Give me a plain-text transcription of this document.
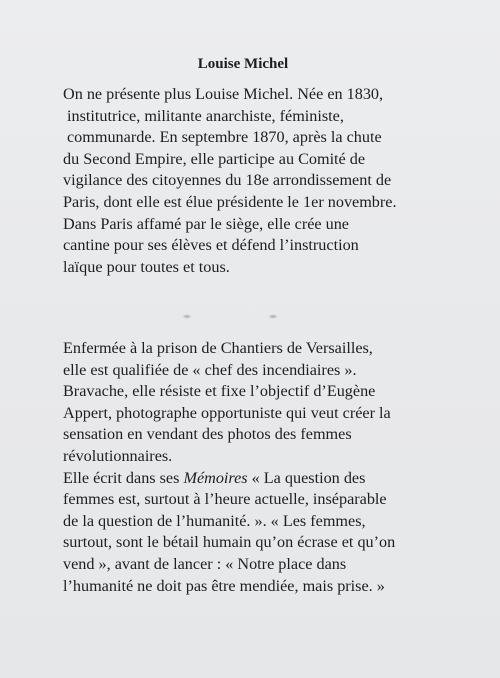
Louise Michel
On ne présente plus Louise Michel. Née en 1830,
institutrice, militante anarchiste, féministe,
communarde. En septembre 1870, après la chute
du Second Empire, elle participe au Comité de
vigilance des citoyennes du 18e arrondissement de
Paris, dont elle est élue présidente le 1er novembre.
Dans Paris affamé par le siège, elle crée une
cantine pour ses élèves et défend l’instruction
laïque pour toutes et tous.
Enfermée à la prison de Chantiers de Versailles,
elle est qualifiée de « chef des incendiaires ».
Bravache, elle résiste et fixe l’objectif d’Eugène
Appert, photographe opportuniste qui veut créer la
sensation en vendant des photos des femmes
révolutionnaires.
Elle écrit dans ses Mémoires « La question des
femmes est, surtout à l’heure actuelle, inséparable
de la question de l’humanité. ». « Les femmes,
surtout, sont le bétail humain qu’on écrase et qu’on
vend », avant de lancer : « Notre place dans
l’humanité ne doit pas être mendiée, mais prise. »
